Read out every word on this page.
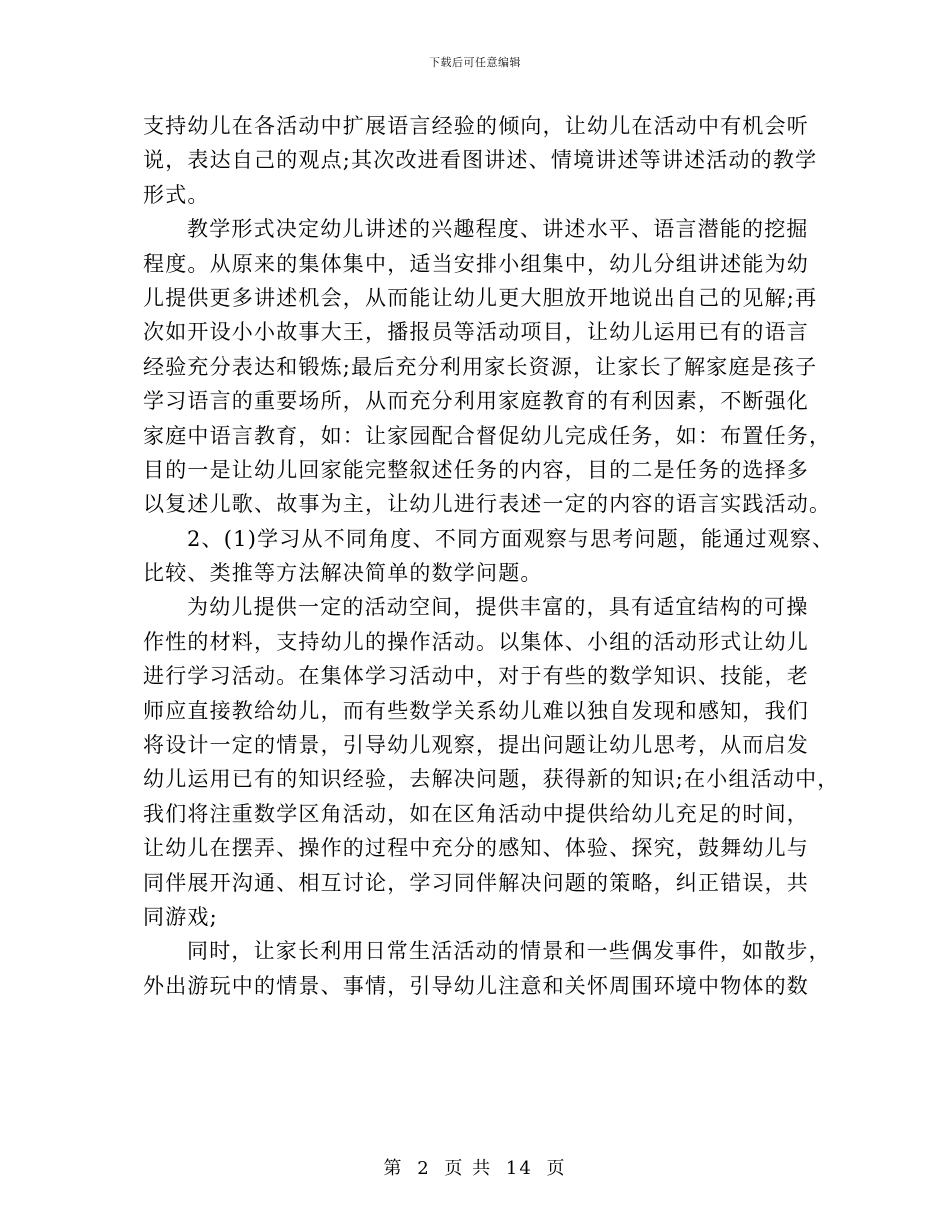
下载后可任意编辑
支持幼儿在各活动中扩展语言经验的倾向，让幼儿在活动中有机会听
说，表达自己的观点;其次改进看图讲述、情境讲述等讲述活动的教学
形式。
教学形式决定幼儿讲述的兴趣程度、讲述水平、语言潜能的挖掘
程度。从原来的集体集中，适当安排小组集中，幼儿分组讲述能为幼
儿提供更多讲述机会，从而能让幼儿更大胆放开地说出自己的见解;再
次如开设小小故事大王，播报员等活动项目，让幼儿运用已有的语言
经验充分表达和锻炼;最后充分利用家长资源，让家长了解家庭是孩子
学习语言的重要场所，从而充分利用家庭教育的有利因素，不断强化
家庭中语言教育，如：让家园配合督促幼儿完成任务，如：布置任务，
目的一是让幼儿回家能完整叙述任务的内容，目的二是任务的选择多
以复述儿歌、故事为主，让幼儿进行表述一定的内容的语言实践活动。
2、(1)学习从不同角度、不同方面观察与思考问题，能通过观察、
比较、类推等方法解决简单的数学问题。
为幼儿提供一定的活动空间，提供丰富的，具有适宜结构的可操
作性的材料，支持幼儿的操作活动。以集体、小组的活动形式让幼儿
进行学习活动。在集体学习活动中，对于有些的数学知识、技能，老
师应直接教给幼儿，而有些数学关系幼儿难以独自发现和感知，我们
将设计一定的情景，引导幼儿观察，提出问题让幼儿思考，从而启发
幼儿运用已有的知识经验，去解决问题，获得新的知识;在小组活动中，
我们将注重数学区角活动，如在区角活动中提供给幼儿充足的时间，
让幼儿在摆弄、操作的过程中充分的感知、体验、探究，鼓舞幼儿与
同伴展开沟通、相互讨论，学习同伴解决问题的策略，纠正错误，共
同游戏;
同时，让家长利用日常生活活动的情景和一些偶发事件，如散步，
外出游玩中的情景、事情，引导幼儿注意和关怀周围环境中物体的数
第 2 页 共 14 页
